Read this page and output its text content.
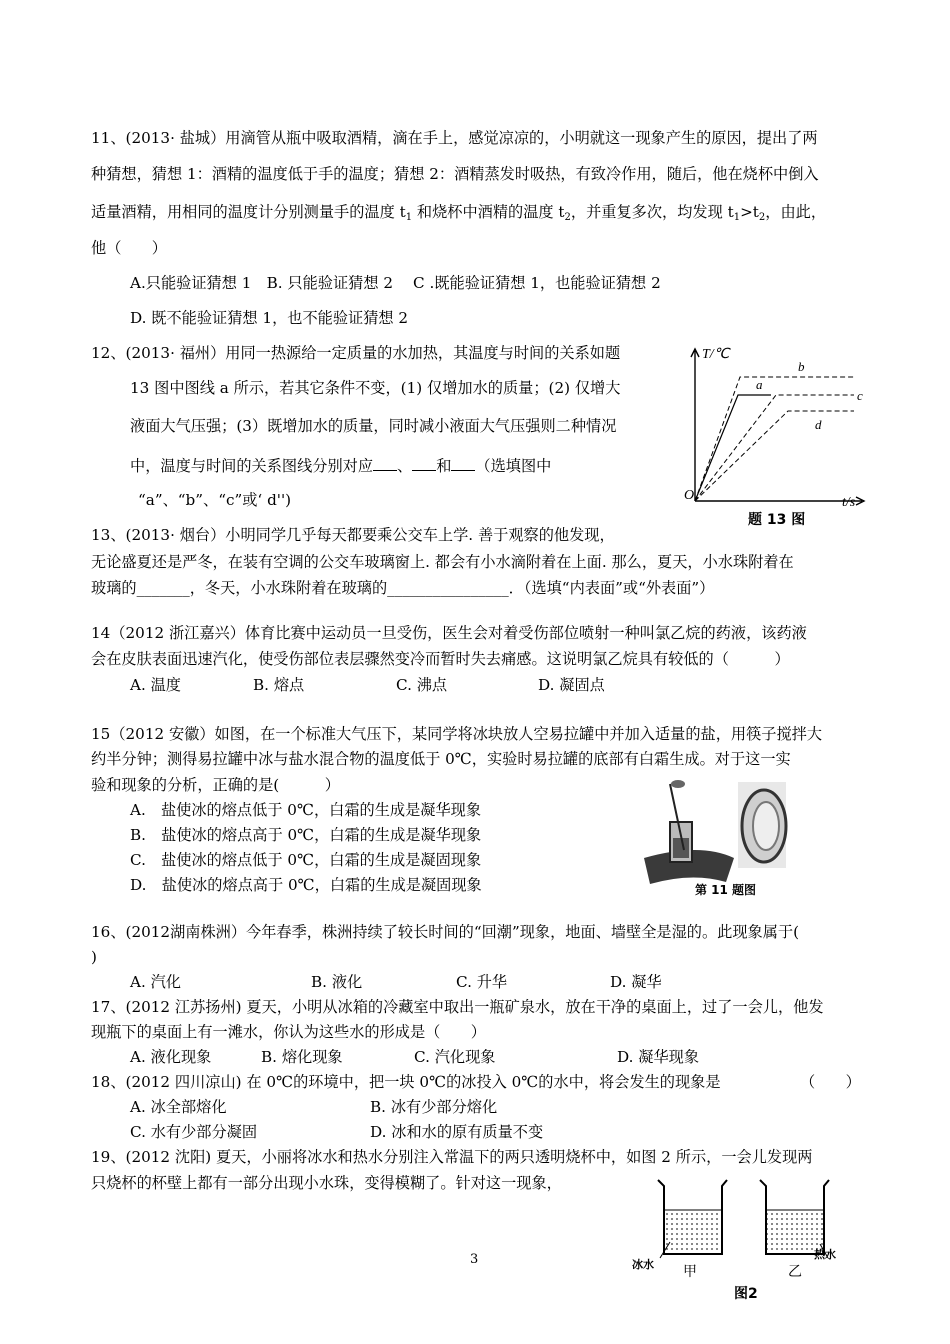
11、(2013· 盐城）用滴管从瓶中吸取酒精，滴在手上，感觉凉凉的，小明就这一现象产生的原因，提出了两
种猜想，猜想 1：酒精的温度低于手的温度；猜想 2：酒精蒸发时吸热，有致冷作用，随后，他在烧杯中倒入
适量酒精，用相同的温度计分别测量手的温度 $t_1$ 和烧杯中酒精的温度 $t_2$，并重复多次，均发现 $t_1>t_2$，由此，
他（　　）
A.只能验证猜想 1　B. 只能验证猜想 2　 C .既能验证猜想 1，也能验证猜想 2
D. 既不能验证猜想 1，也不能验证猜想 2
12、(2013· 福州）用同一热源给一定质量的水加热，其温度与时间的关系如题
13 图中图线 a 所示，若其它条件不变，(1) 仅增加水的质量；(2) 仅增大
液面大气压强；(3）既增加水的质量，同时减小液面大气压强则二种情况
中，温度与时间的关系图线分别对应 、 和 （选填图中
“a”、“b”、“c”或‘ d'')
T/℃
t/s
O
a
b
c
d
题 13 图
13、(2013· 烟台）小明同学几乎每天都要乘公交车上学. 善于观察的他发现，
无论盛夏还是严冬，在装有空调的公交车玻璃窗上. 都会有小水滴附着在上面. 那么，夏天，小水珠附着在
玻璃的_______，冬天，小水珠附着在玻璃的________________．（选填“内表面”或“外表面”）
14（2012 浙江嘉兴）体育比赛中运动员一旦受伤，医生会对着受伤部位喷射一种叫氯乙烷的药液，该药液
会在皮肤表面迅速汽化，使受伤部位表层骤然变冷而暂时失去痛感。这说明氯乙烷具有较低的（　　　）
A. 温度	B. 熔点	C. 沸点	D. 凝固点
15（2012 安徽）如图，在一个标准大气压下，某同学将冰块放人空易拉罐中并加入适量的盐，用筷子搅拌大
约半分钟；测得易拉罐中冰与盐水混合物的温度低于 0℃，实验时易拉罐的底部有白霜生成。对于这一实
验和现象的分析，正确的是(　　　）
A.　盐使冰的熔点低于 0℃，白霜的生成是凝华现象
B.　盐使冰的熔点高于 0℃，白霜的生成是凝华现象
C.　盐使冰的熔点低于 0℃，白霜的生成是凝固现象
D.　盐使冰的熔点高于 0℃，白霜的生成是凝固现象	第 11 题图
16、(2012湖南株洲）今年春季，株洲持续了较长时间的“回潮”现象，地面、墙壁全是湿的。此现象属于(
)
A. 汽化	B. 液化	C. 升华	D. 凝华
17、(2012 江苏扬州) 夏天，小明从冰箱的冷藏室中取出一瓶矿泉水，放在干净的桌面上，过了一会儿，他发
现瓶下的桌面上有一滩水，你认为这些水的形成是（　　）
A. 液化现象	B. 熔化现象	C. 汽化现象	D. 凝华现象
18、(2012 四川凉山) 在 0℃的环境中，把一块 0℃的冰投入 0℃的水中，将会发生的现象是	（　　）
A. 冰全部熔化	B. 冰有少部分熔化
C. 水有少部分凝固	D. 冰和水的原有质量不变
19、(2012 沈阳) 夏天，小丽将冰水和热水分别注入常温下的两只透明烧杯中，如图 2 所示，一会儿发现两
只烧杯的杯壁上都有一部分出现小水珠，变得模糊了。针对这一现象，
冰水 甲	乙
热水
图2
3
